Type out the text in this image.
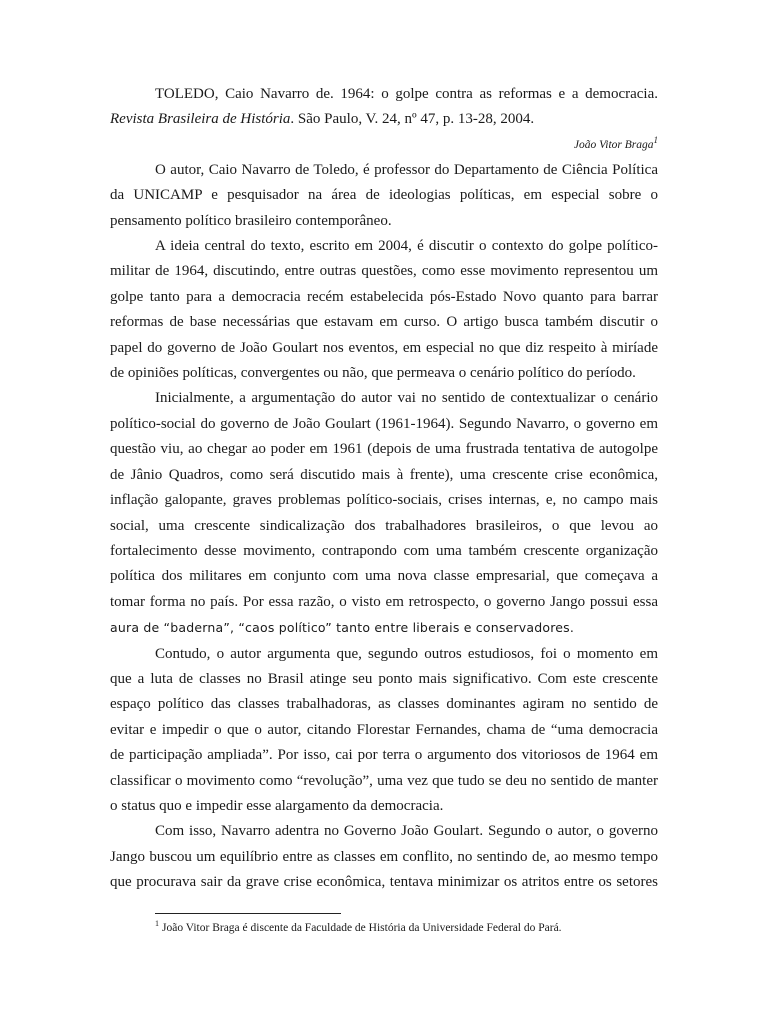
TOLEDO, Caio Navarro de. 1964: o golpe contra as reformas e a democracia.

Revista Brasileira de História. São Paulo, V. 24, nº 47, p. 13-28, 2004.

João Vitor Braga$^1$

O autor, Caio Navarro de Toledo, é professor do Departamento de Ciência Política

da UNICAMP e pesquisador na área de ideologias políticas, em especial sobre o

pensamento político brasileiro contemporâneo.

A ideia central do texto, escrito em 2004, é discutir o contexto do golpe político-

militar de 1964, discutindo, entre outras questões, como esse movimento representou um

golpe tanto para a democracia recém estabelecida pós-Estado Novo quanto para barrar

reformas de base necessárias que estavam em curso. O artigo busca também discutir o

papel do governo de João Goulart nos eventos, em especial no que diz respeito à miríade

de opiniões políticas, convergentes ou não, que permeava o cenário político do período.

Inicialmente, a argumentação do autor vai no sentido de contextualizar o cenário

político-social do governo de João Goulart (1961-1964). Segundo Navarro, o governo em

questão viu, ao chegar ao poder em 1961 (depois de uma frustrada tentativa de autogolpe

de Jânio Quadros, como será discutido mais à frente), uma crescente crise econômica,

inflação galopante, graves problemas político-sociais, crises internas, e, no campo mais

social, uma crescente sindicalização dos trabalhadores brasileiros, o que levou ao

fortalecimento desse movimento, contrapondo com uma também crescente organização

política dos militares em conjunto com uma nova classe empresarial, que começava a

tomar forma no país. Por essa razão, o visto em retrospecto, o governo Jango possui essa

aura de “baderna”, “caos político” tanto entre liberais e conservadores.

Contudo, o autor argumenta que, segundo outros estudiosos, foi o momento em

que a luta de classes no Brasil atinge seu ponto mais significativo. Com este crescente

espaço político das classes trabalhadoras, as classes dominantes agiram no sentido de

evitar e impedir o que o autor, citando Florestar Fernandes, chama de “uma democracia

de participação ampliada”. Por isso, cai por terra o argumento dos vitoriosos de 1964 em

classificar o movimento como “revolução”, uma vez que tudo se deu no sentido de manter

o status quo e impedir esse alargamento da democracia.

Com isso, Navarro adentra no Governo João Goulart. Segundo o autor, o governo

Jango buscou um equilíbrio entre as classes em conflito, no sentindo de, ao mesmo tempo

que procurava sair da grave crise econômica, tentava minimizar os atritos entre os setores

$^1$ João Vitor Braga é discente da Faculdade de História da Universidade Federal do Pará.
